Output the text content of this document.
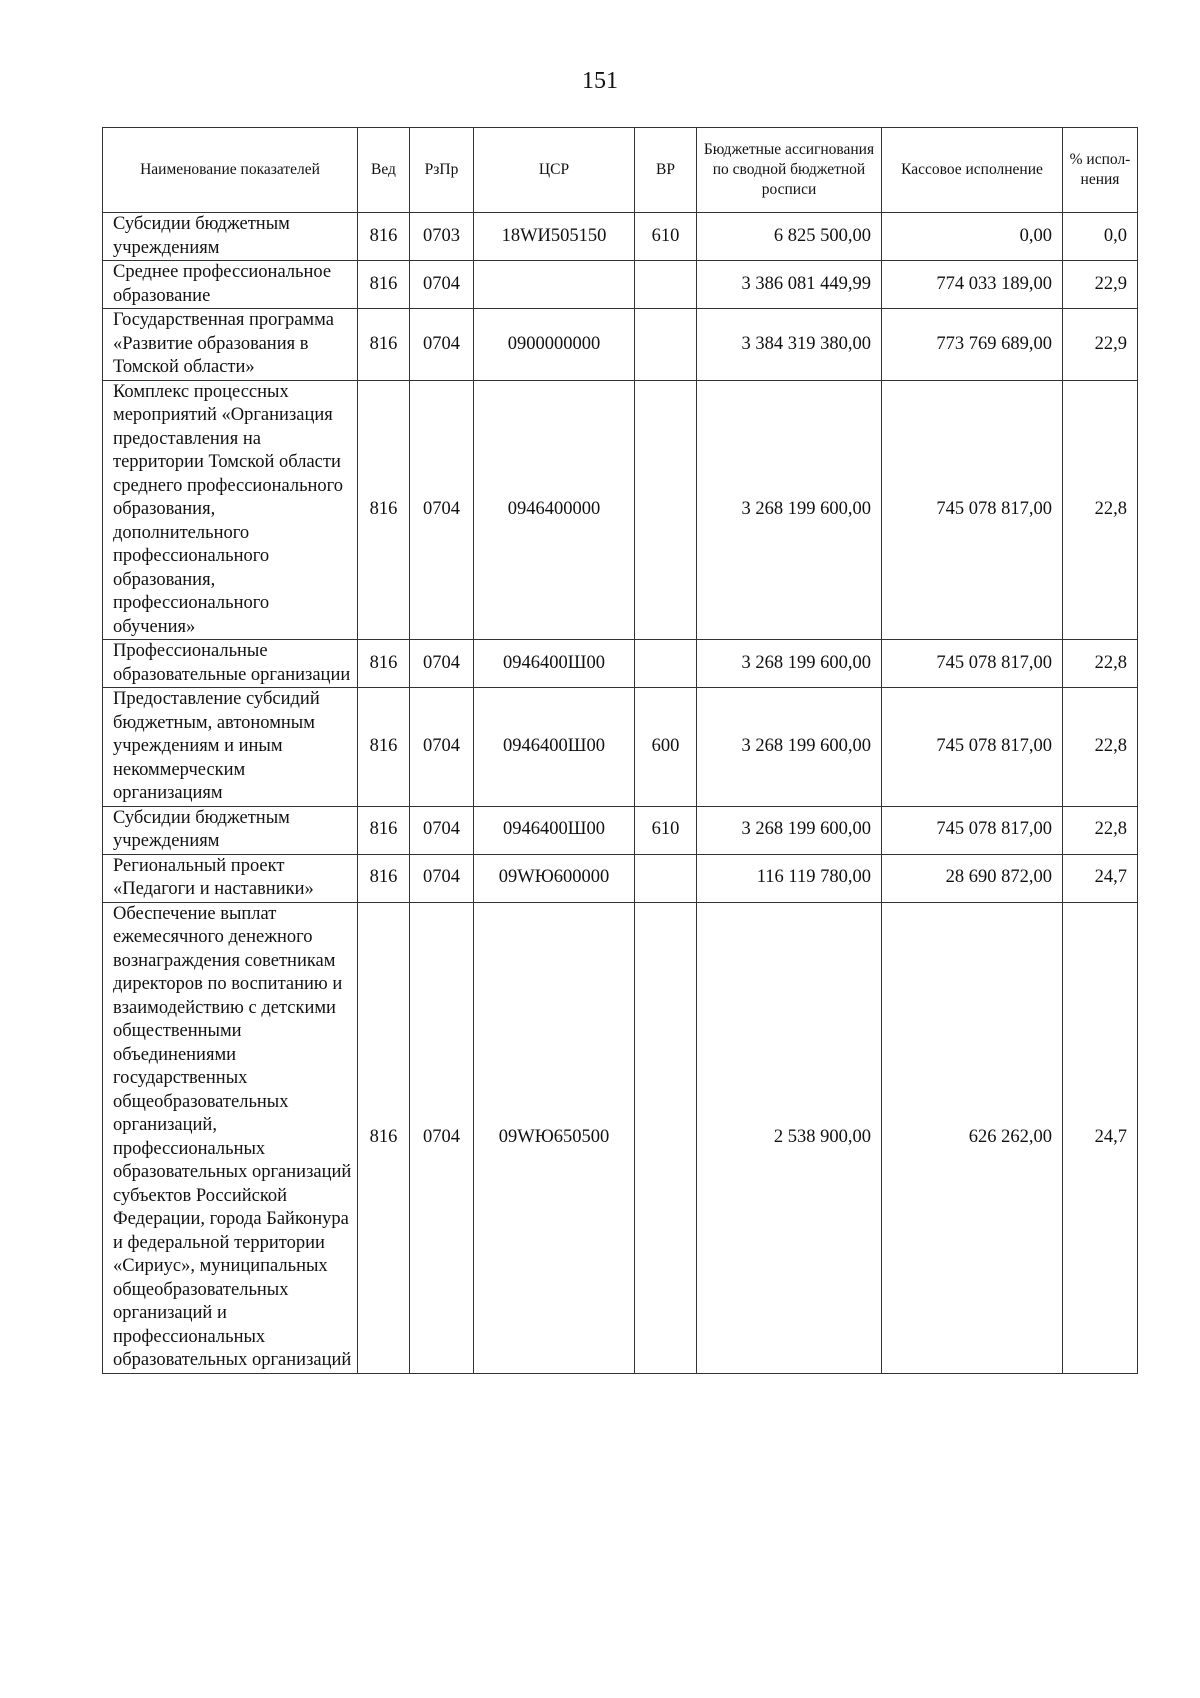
151
Наименование показателей	Вед	РзПр	ЦСР	ВР	Бюджетные ассигнования по сводной бюджетной росписи	Кассовое исполнение	% испол-нения
Субсидии бюджетным учреждениям	816	0703	18WИ505150	610	6 825 500,00	0,00	0,0
Среднее профессиональное образование	816	0704			3 386 081 449,99	774 033 189,00	22,9
Государственная программа «Развитие образования в Томской области»	816	0704	0900000000		3 384 319 380,00	773 769 689,00	22,9
Комплекс процессных мероприятий «Организация предоставления на территории Томской области среднего профессионального образования, дополнительного профессионального образования, профессионального обучения»	816	0704	0946400000		3 268 199 600,00	745 078 817,00	22,8
Профессиональные образовательные организации	816	0704	0946400Ш00		3 268 199 600,00	745 078 817,00	22,8
Предоставление субсидий бюджетным, автономным учреждениям и иным некоммерческим организациям	816	0704	0946400Ш00	600	3 268 199 600,00	745 078 817,00	22,8
Субсидии бюджетным учреждениям	816	0704	0946400Ш00	610	3 268 199 600,00	745 078 817,00	22,8
Региональный проект «Педагоги и наставники»	816	0704	09WЮ600000		116 119 780,00	28 690 872,00	24,7
Обеспечение выплат ежемесячного денежного вознаграждения советникам директоров по воспитанию и взаимодействию с детскими общественными объединениями государственных общеобразовательных организаций, профессиональных образовательных организаций субъектов Российской Федерации, города Байконура и федеральной территории «Сириус», муниципальных общеобразовательных организаций и профессиональных образовательных организаций	816	0704	09WЮ650500		2 538 900,00	626 262,00	24,7
